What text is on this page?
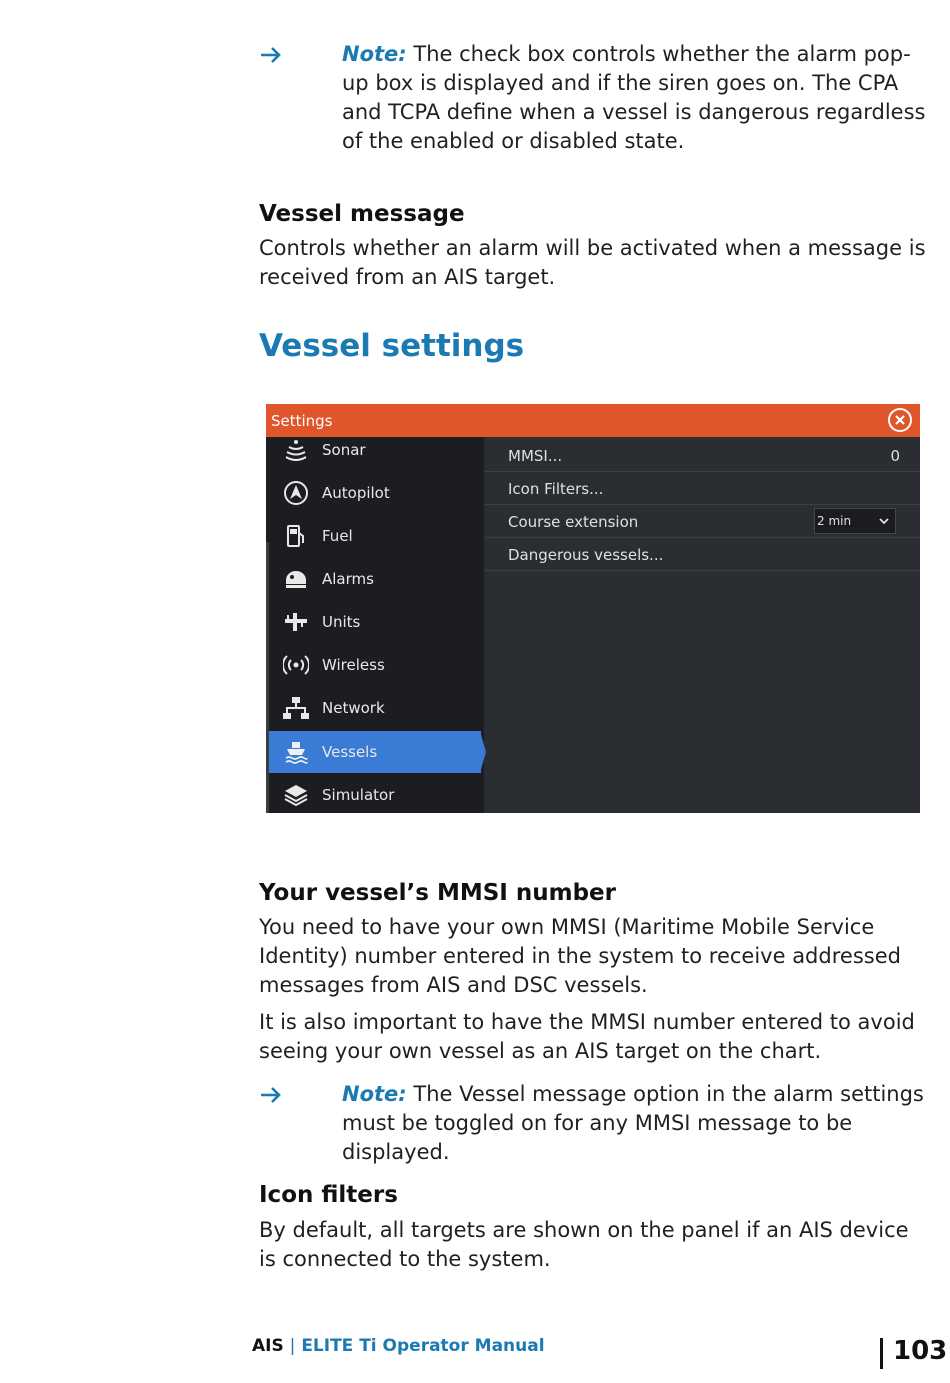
Note: The check box controls whether the alarm pop-up box is displayed and if the siren goes on. The CPA and TCPA define when a vessel is dangerous regardless of the enabled or disabled state.
Vessel message

Controls whether an alarm will be activated when a message is received from an AIS target.

Vessel settings
Settings
Sonar
Autopilot
Fuel
Alarms
Units
Wireless
Network
Vessels
Simulator
MMSI...	0
Icon Filters...
Course extension	2 min
Dangerous vessels...
Your vessel’s MMSI number

You need to have your own MMSI (Maritime Mobile Service Identity) number entered in the system to receive addressed messages from AIS and DSC vessels.

It is also important to have the MMSI number entered to avoid seeing your own vessel as an AIS target on the chart.

Note: The Vessel message option in the alarm settings must be toggled on for any MMSI message to be displayed.
Icon filters

By default, all targets are shown on the panel if an AIS device is connected to the system.

AIS | ELITE Ti Operator Manual	103
